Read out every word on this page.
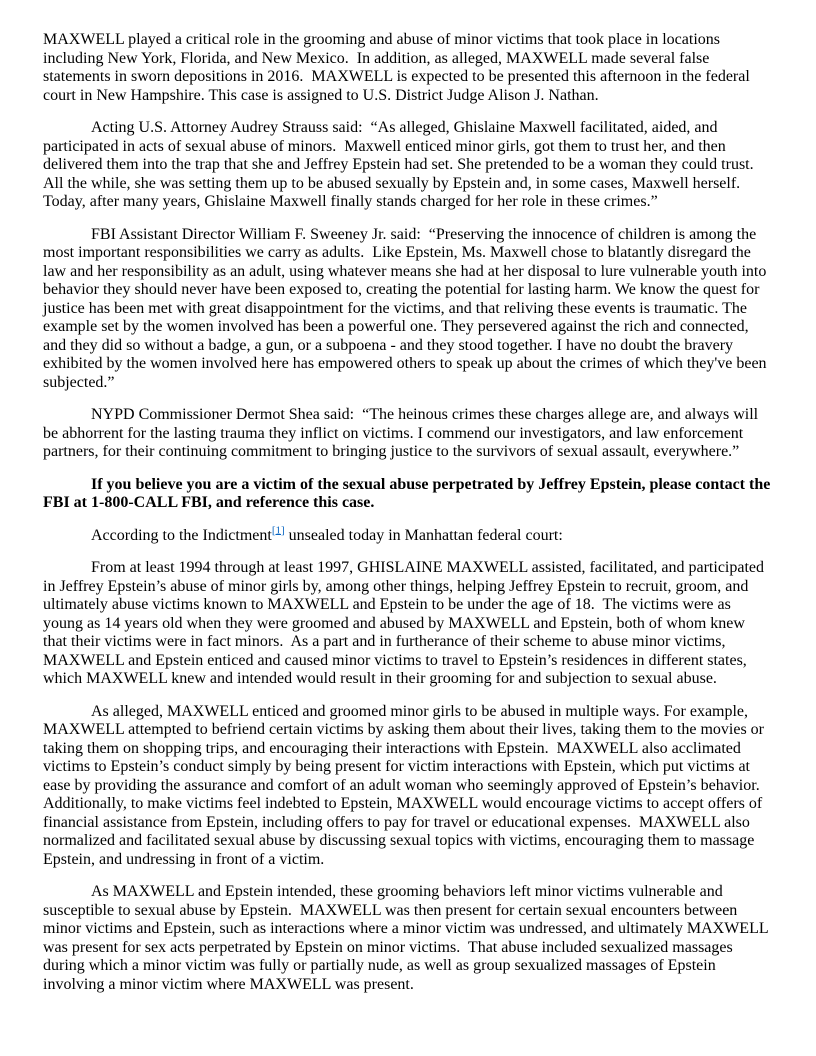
MAXWELL played a critical role in the grooming and abuse of minor victims that took place in locations including New York, Florida, and New Mexico.  In addition, as alleged, MAXWELL made several false statements in sworn depositions in 2016.  MAXWELL is expected to be presented this afternoon in the federal court in New Hampshire. This case is assigned to U.S. District Judge Alison J. Nathan.

Acting U.S. Attorney Audrey Strauss said:  “As alleged, Ghislaine Maxwell facilitated, aided, and participated in acts of sexual abuse of minors.  Maxwell enticed minor girls, got them to trust her, and then delivered them into the trap that she and Jeffrey Epstein had set. She pretended to be a woman they could trust. All the while, she was setting them up to be abused sexually by Epstein and, in some cases, Maxwell herself. Today, after many years, Ghislaine Maxwell finally stands charged for her role in these crimes.”

FBI Assistant Director William F. Sweeney Jr. said:  “Preserving the innocence of children is among the most important responsibilities we carry as adults.  Like Epstein, Ms. Maxwell chose to blatantly disregard the law and her responsibility as an adult, using whatever means she had at her disposal to lure vulnerable youth into behavior they should never have been exposed to, creating the potential for lasting harm. We know the quest for justice has been met with great disappointment for the victims, and that reliving these events is traumatic. The example set by the women involved has been a powerful one. They persevered against the rich and connected, and they did so without a badge, a gun, or a subpoena - and they stood together. I have no doubt the bravery exhibited by the women involved here has empowered others to speak up about the crimes of which they've been subjected.”

NYPD Commissioner Dermot Shea said:  “The heinous crimes these charges allege are, and always will be abhorrent for the lasting trauma they inflict on victims. I commend our investigators, and law enforcement partners, for their continuing commitment to bringing justice to the survivors of sexual assault, everywhere.”

If you believe you are a victim of the sexual abuse perpetrated by Jeffrey Epstein, please contact the FBI at 1-800-CALL FBI, and reference this case.

According to the Indictment[1] unsealed today in Manhattan federal court:

From at least 1994 through at least 1997, GHISLAINE MAXWELL assisted, facilitated, and participated in Jeffrey Epstein’s abuse of minor girls by, among other things, helping Jeffrey Epstein to recruit, groom, and ultimately abuse victims known to MAXWELL and Epstein to be under the age of 18.  The victims were as young as 14 years old when they were groomed and abused by MAXWELL and Epstein, both of whom knew that their victims were in fact minors.  As a part and in furtherance of their scheme to abuse minor victims, MAXWELL and Epstein enticed and caused minor victims to travel to Epstein’s residences in different states, which MAXWELL knew and intended would result in their grooming for and subjection to sexual abuse.

As alleged, MAXWELL enticed and groomed minor girls to be abused in multiple ways. For example, MAXWELL attempted to befriend certain victims by asking them about their lives, taking them to the movies or taking them on shopping trips, and encouraging their interactions with Epstein.  MAXWELL also acclimated victims to Epstein’s conduct simply by being present for victim interactions with Epstein, which put victims at ease by providing the assurance and comfort of an adult woman who seemingly approved of Epstein’s behavior. Additionally, to make victims feel indebted to Epstein, MAXWELL would encourage victims to accept offers of financial assistance from Epstein, including offers to pay for travel or educational expenses.  MAXWELL also normalized and facilitated sexual abuse by discussing sexual topics with victims, encouraging them to massage Epstein, and undressing in front of a victim.

As MAXWELL and Epstein intended, these grooming behaviors left minor victims vulnerable and susceptible to sexual abuse by Epstein.  MAXWELL was then present for certain sexual encounters between minor victims and Epstein, such as interactions where a minor victim was undressed, and ultimately MAXWELL was present for sex acts perpetrated by Epstein on minor victims.  That abuse included sexualized massages during which a minor victim was fully or partially nude, as well as group sexualized massages of Epstein involving a minor victim where MAXWELL was present.
